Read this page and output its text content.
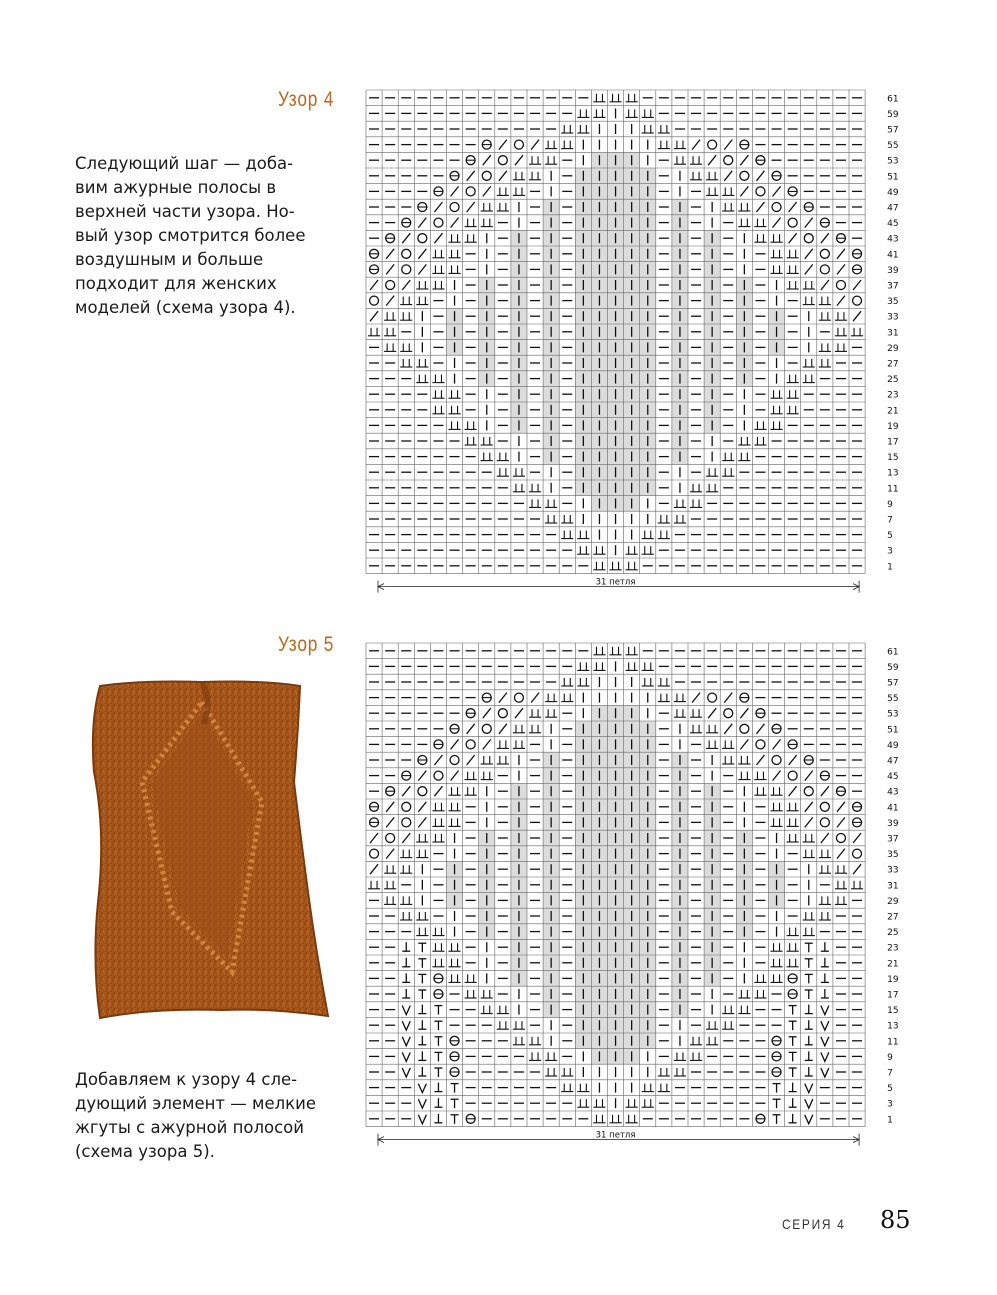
Узор 4
Следующий шаг — доба-
вим ажурные полосы в
верхней части узора. Но-
вый узор смотрится более
воздушным и больше
подходит для женских
моделей (схема узора 4).
61
59
57
55
53
51
49
47
45
43
41
39
37
35
33
31
29
27
25
23
21
19
17
15
13
11
9
7
5
3
1
31 петля
Узор 5	61
59
57
55
53
51
49
47
45
43
41
39
37
35
33
31
29
27
25
23
21
19
17
15
13
11
9
7
5
3
1
31 петля
Добавляем к узору 4 сле-
дующий элемент — мелкие
жгуты с ажурной полосой
(схема узора 5).
СЕРИЯ 4 85
